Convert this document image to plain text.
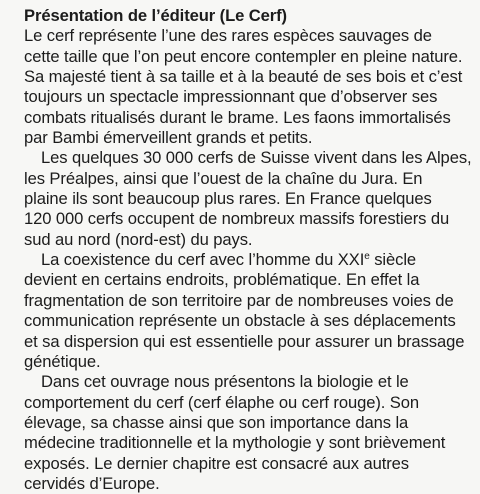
Présentation de l’éditeur (Le Cerf)
Le cerf représente l’une des rares espèces sauvages de
cette taille que l’on peut encore contempler en pleine nature.
Sa majesté tient à sa taille et à la beauté de ses bois et c’est
toujours un spectacle impressionnant que d’observer ses
combats ritualisés durant le brame. Les faons immortalisés
par Bambi émerveillent grands et petits.
Les quelques 30 000 cerfs de Suisse vivent dans les Alpes,
les Préalpes, ainsi que l’ouest de la chaîne du Jura. En
plaine ils sont beaucoup plus rares. En France quelques
120 000 cerfs occupent de nombreux massifs forestiers du
sud au nord (nord-est) du pays.
La coexistence du cerf avec l’homme du XXIe siècle
devient en certains endroits, problématique. En effet la
fragmentation de son territoire par de nombreuses voies de
communication représente un obstacle à ses déplacements
et sa dispersion qui est essentielle pour assurer un brassage
génétique.
Dans cet ouvrage nous présentons la biologie et le
comportement du cerf (cerf élaphe ou cerf rouge). Son
élevage, sa chasse ainsi que son importance dans la
médecine traditionnelle et la mythologie y sont brièvement
exposés. Le dernier chapitre est consacré aux autres
cervidés d’Europe.
